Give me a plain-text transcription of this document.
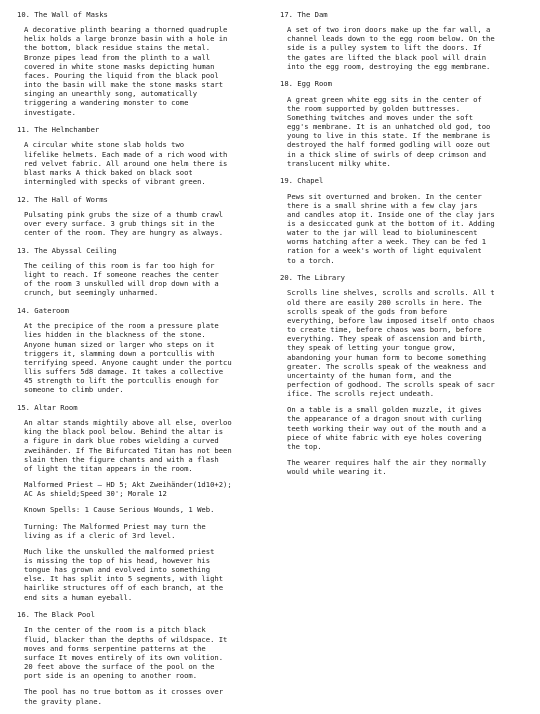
10. The Wall of Masks
A decorative plinth bearing a thorned quadruple
helix holds a large bronze basin with a hole in
the bottom, black residue stains the metal.
Bronze pipes lead from the plinth to a wall
covered in white stone masks depicting human
faces. Pouring the liquid from the black pool
into the basin will make the stone masks start
singing an unearthly song, automatically
triggering a wandering monster to come
investigate.
11. The Helmchamber
A circular white stone slab holds two
lifelike helmets. Each made of a rich wood with
red velvet fabric. All around one helm there is
blast marks A thick baked on black soot
intermingled with specks of vibrant green.
12. The Hall of Worms
Pulsating pink grubs the size of a thumb crawl
over every surface. 3 grub things sit in the
center of the room. They are hungry as always.
13. The Abyssal Ceiling
The ceiling of this room is far too high for
light to reach. If someone reaches the center
of the room 3 unskulled will drop down with a
crunch, but seemingly unharmed.
14. Gateroom
At the precipice of the room a pressure plate
lies hidden in the blackness of the stone.
Anyone human sized or larger who steps on it
triggers it, slamming down a portcullis with
terrifying speed. Anyone caught under the portcu
llis suffers 5d8 damage. It takes a collective
45 strength to lift the portcullis enough for
someone to climb under.
15. Altar Room
An altar stands mightily above all else, overloo
king the black pool below. Behind the altar is
a figure in dark blue robes wielding a curved
zweihänder. If The Bifurcated Titan has not been
slain then the figure chants and with a flash
of light the titan appears in the room.
Malformed Priest — HD 5; Akt Zweihänder(1d10+2);
AC As shield;Speed 30'; Morale 12
Known Spells: 1 Cause Serious Wounds, 1 Web.
Turning: The Malformed Priest may turn the
living as if a cleric of 3rd level.
Much like the unskulled the malformed priest
is missing the top of his head, however his
tongue has grown and evolved into something
else. It has split into 5 segments, with light
hairlike structures off of each branch, at the
end sits a human eyeball.
16. The Black Pool
In the center of the room is a pitch black
fluid, blacker than the depths of wildspace. It
moves and forms serpentine patterns at the
surface It moves entirely of its own volition.
20 feet above the surface of the pool on the
port side is an opening to another room.
The pool has no true bottom as it crosses over
the gravity plane.
17. The Dam
A set of two iron doors make up the far wall, a
channel leads down to the egg room below. On the
side is a pulley system to lift the doors. If
the gates are lifted the black pool will drain
into the egg room, destroying the egg membrane.
18. Egg Room
A great green white egg sits in the center of
the room supported by golden buttresses.
Something twitches and moves under the soft
egg's membrane. It is an unhatched old god, too
young to live in this state. If the membrane is
destroyed the half formed godling will ooze out
in a thick slime of swirls of deep crimson and
translucent milky white.
19. Chapel
Pews sit overturned and broken. In the center
there is a small shrine with a few clay jars
and candles atop it. Inside one of the clay jars
is a desiccated gunk at the bottom of it. Adding
water to the jar will lead to bioluminescent
worms hatching after a week. They can be fed 1
ration for a week's worth of light equivalent
to a torch.
20. The Library
Scrolls line shelves, scrolls and scrolls. All t
old there are easily 200 scrolls in here. The
scrolls speak of the gods from before
everything, before law imposed itself onto chaos
to create time, before chaos was born, before
everything. They speak of ascension and birth,
they speak of letting your tongue grow,
abandoning your human form to become something
greater. The scrolls speak of the weakness and
uncertainty of the human form, and the
perfection of godhood. The scrolls speak of sacr
ifice. The scrolls reject undeath.
On a table is a small golden muzzle, it gives
the appearance of a dragon snout with curling
teeth working their way out of the mouth and a
piece of white fabric with eye holes covering
the top.
The wearer requires half the air they normally
would while wearing it.
